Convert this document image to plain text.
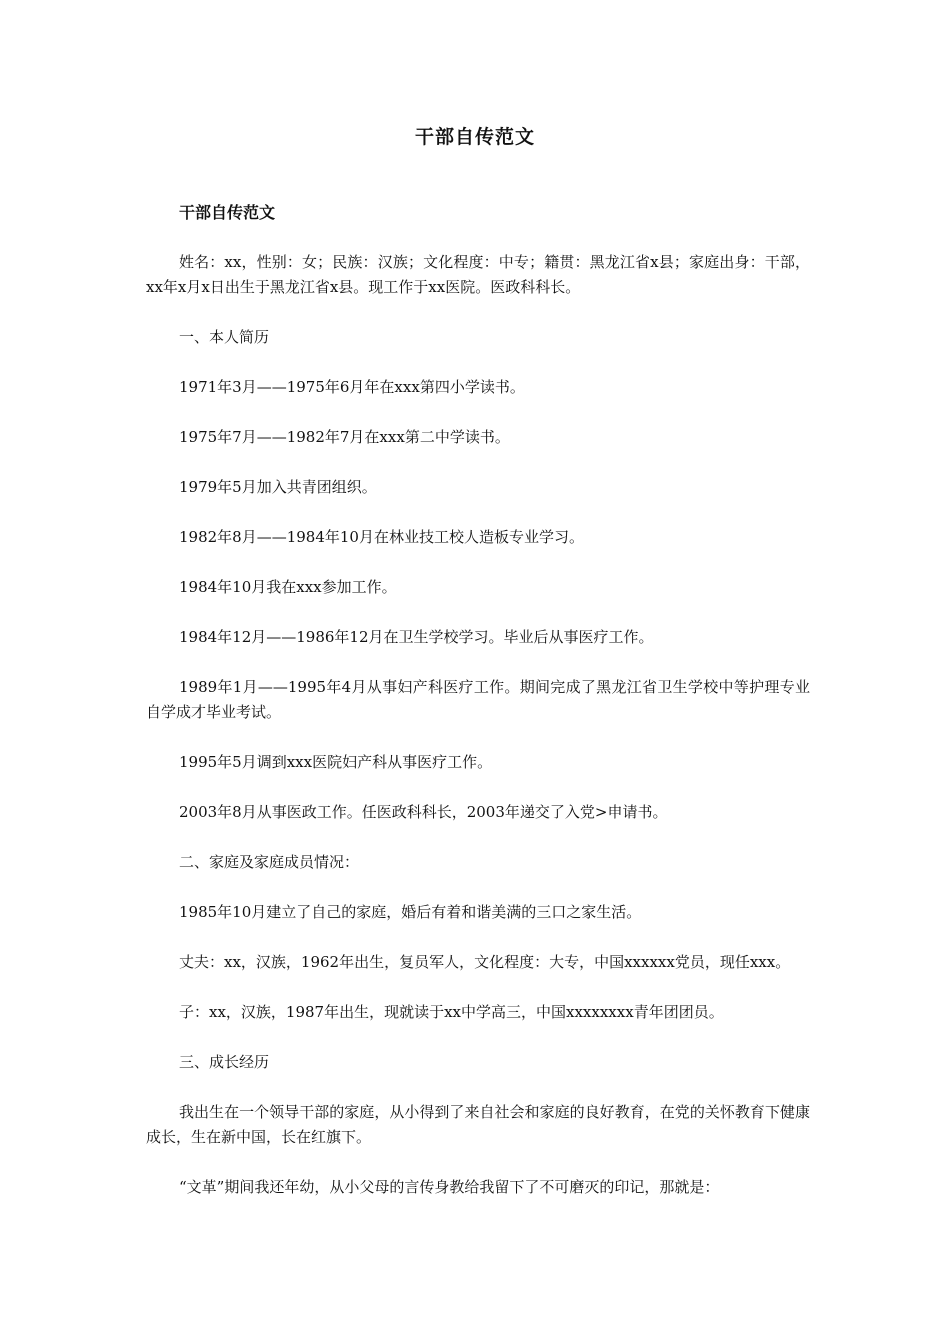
干部自传范文

干部自传范文

姓名：xx，性别：女；民族：汉族；文化程度：中专；籍贯：黑龙江省x县；家庭出身：干部，xx年x月x日出生于黑龙江省x县。现工作于xx医院。医政科科长。

一、本人简历

1971年3月——1975年6月年在xxx第四小学读书。

1975年7月——1982年7月在xxx第二中学读书。

1979年5月加入共青团组织。

1982年8月——1984年10月在林业技工校人造板专业学习。

1984年10月我在xxx参加工作。

1984年12月——1986年12月在卫生学校学习。毕业后从事医疗工作。

1989年1月——1995年4月从事妇产科医疗工作。期间完成了黑龙江省卫生学校中等护理专业自学成才毕业考试。

1995年5月调到xxx医院妇产科从事医疗工作。

2003年8月从事医政工作。任医政科科长，2003年递交了入党>申请书。

二、家庭及家庭成员情况：

1985年10月建立了自己的家庭，婚后有着和谐美满的三口之家生活。

丈夫：xx，汉族，1962年出生，复员军人，文化程度：大专，中国xxxxxx党员，现任xxx。

子：xx，汉族，1987年出生，现就读于xx中学高三，中国xxxxxxxx青年团团员。

三、成长经历

我出生在一个领导干部的家庭，从小得到了来自社会和家庭的良好教育，在党的关怀教育下健康成长，生在新中国，长在红旗下。

“文革”期间我还年幼，从小父母的言传身教给我留下了不可磨灭的印记，那就是：
